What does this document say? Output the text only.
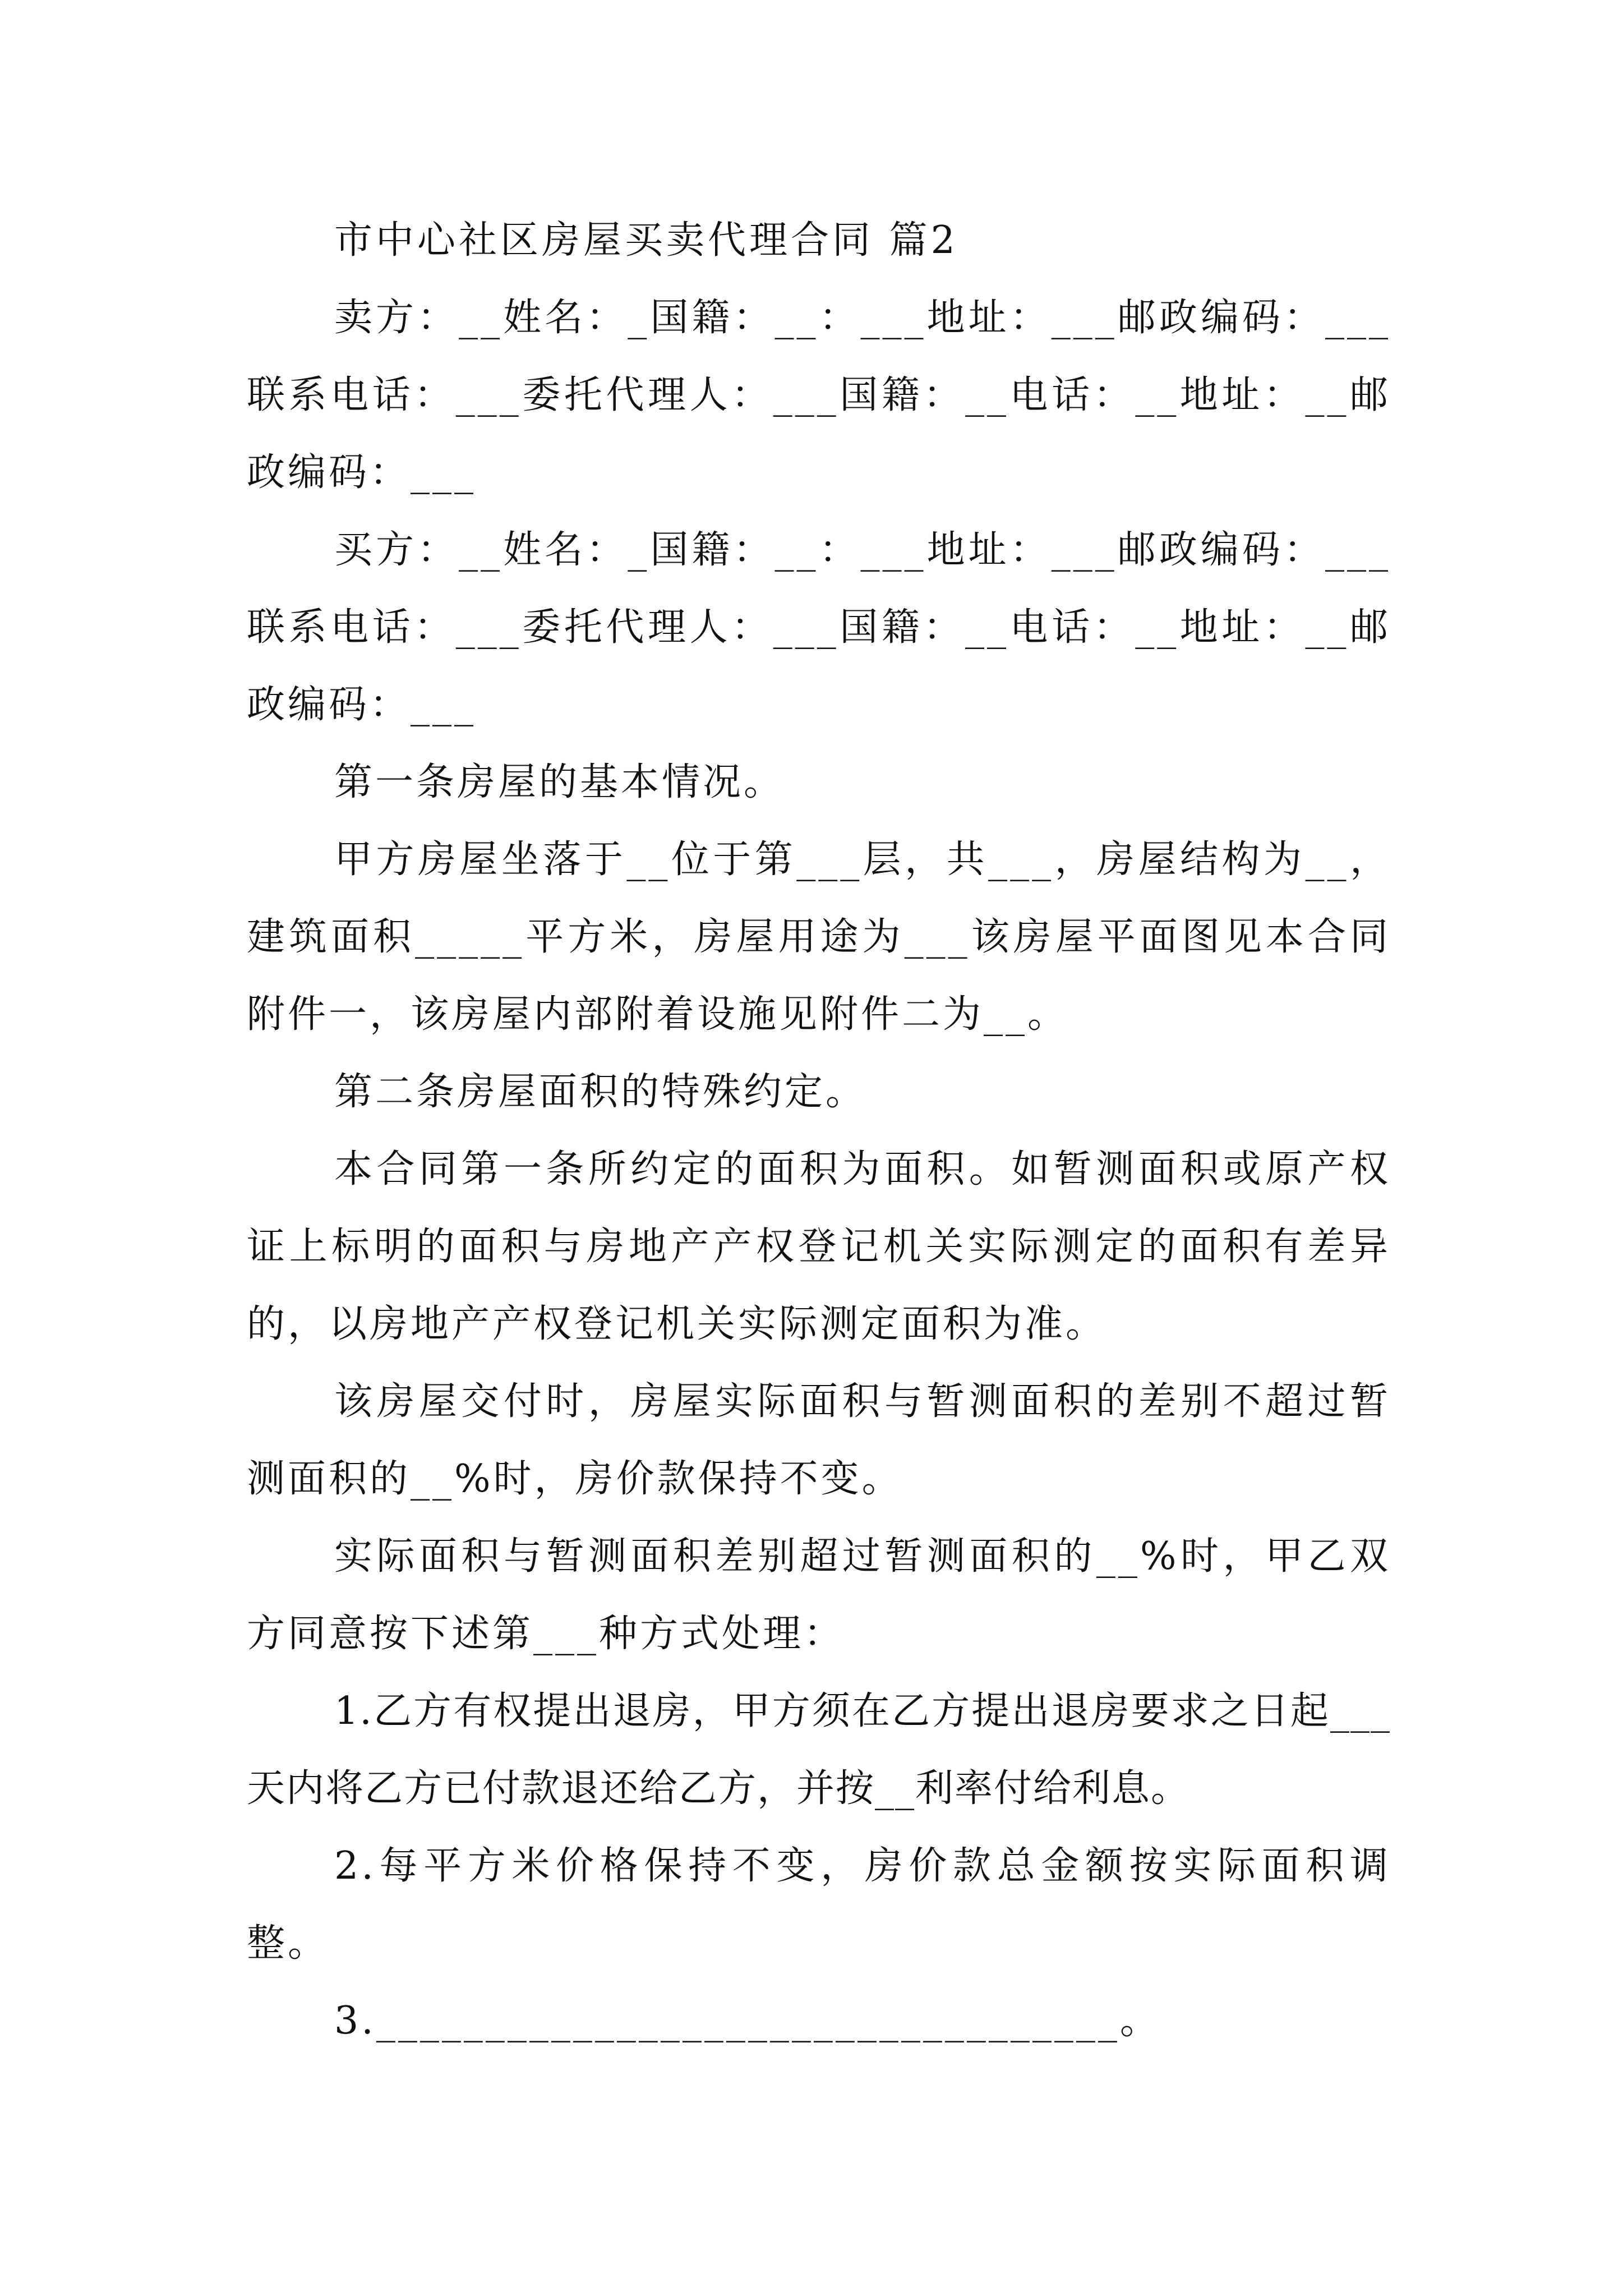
市中心社区房屋买卖代理合同 篇2

卖方：__姓名：_国籍：__：___地址：___邮政编码：___联系电话：___委托代理人：___国籍：__电话：__地址：__邮政编码：___

买方：__姓名：_国籍：__：___地址：___邮政编码：___联系电话：___委托代理人：___国籍：__电话：__地址：__邮政编码：___

第一条房屋的基本情况。

甲方房屋坐落于__位于第___层，共___，房屋结构为__，建筑面积_____平方米，房屋用途为___该房屋平面图见本合同附件一，该房屋内部附着设施见附件二为__。

第二条房屋面积的特殊约定。

本合同第一条所约定的面积为面积。如暂测面积或原产权证上标明的面积与房地产产权登记机关实际测定的面积有差异的，以房地产产权登记机关实际测定面积为准。

该房屋交付时，房屋实际面积与暂测面积的差别不超过暂测面积的__%时，房价款保持不变。

实际面积与暂测面积差别超过暂测面积的__%时，甲乙双方同意按下述第___种方式处理：

1.乙方有权提出退房，甲方须在乙方提出退房要求之日起___天内将乙方已付款退还给乙方，并按__利率付给利息。

2.每平方米价格保持不变，房价款总金额按实际面积调整。

3.__________________________________。
